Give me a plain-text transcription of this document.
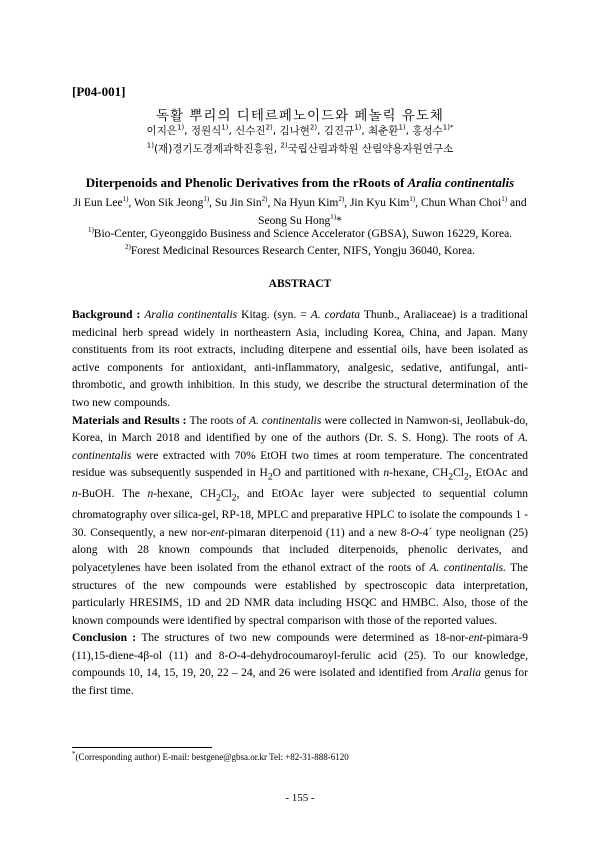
[P04-001]
독활 뿌리의 디테르페노이드와 페놀릭 유도체
이지은$^{1)}$, 정원식$^{1)}$, 신수진$^{2)}$, 김나현$^{2)}$, 김진규$^{1)}$, 최춘환$^{1)}$, 홍성수$^{1)*}$
$^{1)}$(재)경기도경제과학진흥원, $^{2)}$국립산림과학원 산림약용자원연구소
Diterpenoids and Phenolic Derivatives from the rRoots of Aralia continentalis
Ji Eun Lee$^{1)}$, Won Sik Jeong$^{1)}$, Su Jin Sin$^{2)}$, Na Hyun Kim$^{2)}$, Jin Kyu Kim$^{1)}$, Chun Whan Choi$^{1)}$ and Seong Su Hong$^{1)}$*
$^{1)}$Bio-Center, Gyeonggido Business and Science Accelerator (GBSA), Suwon 16229, Korea.
$^{2)}$Forest Medicinal Resources Research Center, NIFS, Yongju 36040, Korea.
ABSTRACT

Background : Aralia continentalis Kitag. (syn. = A. cordata Thunb., Araliaceae) is a traditional medicinal herb spread widely in northeastern Asia, including Korea, China, and Japan. Many constituents from its root extracts, including diterpene and essential oils, have been isolated as active components for antioxidant, anti-inflammatory, analgesic, sedative, antifungal, anti-thrombotic, and growth inhibition. In this study, we describe the structural determination of the two new compounds.

Materials and Results : The roots of A. continentalis were collected in Namwon-si, Jeollabuk-do, Korea, in March 2018 and identified by one of the authors (Dr. S. S. Hong). The roots of A. continentalis were extracted with 70% EtOH two times at room temperature. The concentrated residue was subsequently suspended in $H_2O$ and partitioned with n-hexane, $CH_2Cl_2$, EtOAc and n-BuOH. The n-hexane, $CH_2Cl_2$, and EtOAc layer were subjected to sequential column chromatography over silica-gel, RP-18, MPLC and preparative HPLC to isolate the compounds 1 - 30. Consequently, a new nor-ent-pimaran diterpenoid (11) and a new 8-O-4´ type neolignan (25) along with 28 known compounds that included diterpenoids, phenolic derivates, and polyacetylenes have been isolated from the ethanol extract of the roots of A. continentalis. The structures of the new compounds were established by spectroscopic data interpretation, particularly HRESIMS, 1D and 2D NMR data including HSQC and HMBC. Also, those of the known compounds were identified by spectral comparison with those of the reported values.

Conclusion : The structures of two new compounds were determined as 18-nor-ent-pimara-9 (11),15-diene-4β-ol (11) and 8-O-4-dehydrocoumaroyl-ferulic acid (25). To our knowledge, compounds 10, 14, 15, 19, 20, 22 – 24, and 26 were isolated and identified from Aralia genus for the first time.

*(Corresponding author) E-mail: bestgene@gbsa.or.kr Tel: +82-31-888-6120
- 155 -
